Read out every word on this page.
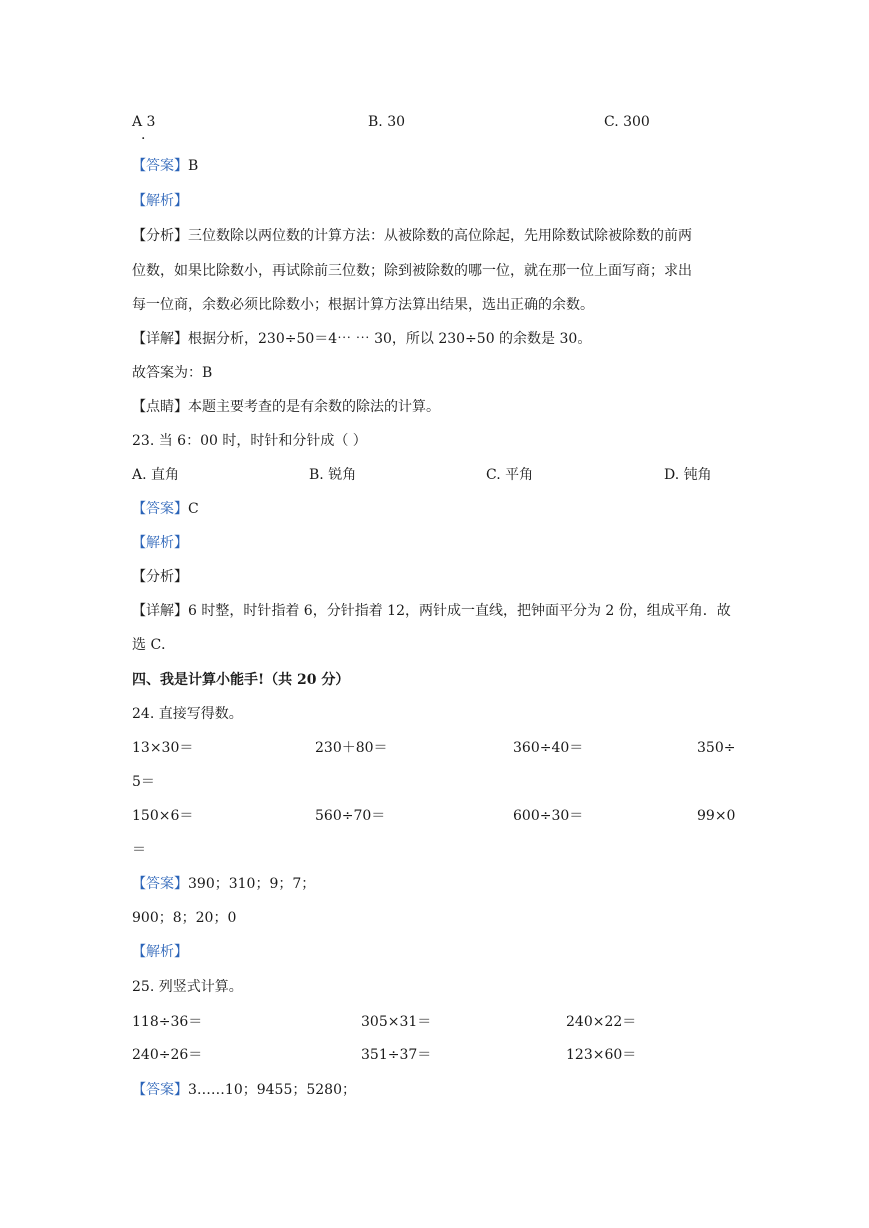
A 3
·
B. 30	C. 300
【答案】B
【解析】
【分析】三位数除以两位数的计算方法：从被除数的高位除起，先用除数试除被除数的前两
位数，如果比除数小，再试除前三位数；除到被除数的哪一位，就在那一位上面写商；求出
每一位商，余数必须比除数小；根据计算方法算出结果，选出正确的余数。
【详解】根据分析，230÷50＝4⋯ ⋯ 30，所以 230÷50 的余数是 30。
故答案为：B
【点睛】本题主要考查的是有余数的除法的计算。
23. 当 6：00 时，时针和分针成（ ）
A. 直角	B. 锐角	C. 平角	D. 钝角
【答案】C
【解析】
【分析】
【详解】6 时整，时针指着 6，分针指着 12，两针成一直线，把钟面平分为 2 份，组成平角．故
选 C．
四、我是计算小能手!（共 20 分）
24. 直接写得数。
13×30＝	230＋80＝	360÷40＝	350÷
5＝
150×6＝	560÷70＝	600÷30＝	99×0
＝
【答案】390；310；9；7；
900；8；20；0
【解析】
25. 列竖式计算。
118÷36＝	305×31＝	240×22＝
240÷26＝	351÷37＝	123×60＝
【答案】3……10；9455；5280；
